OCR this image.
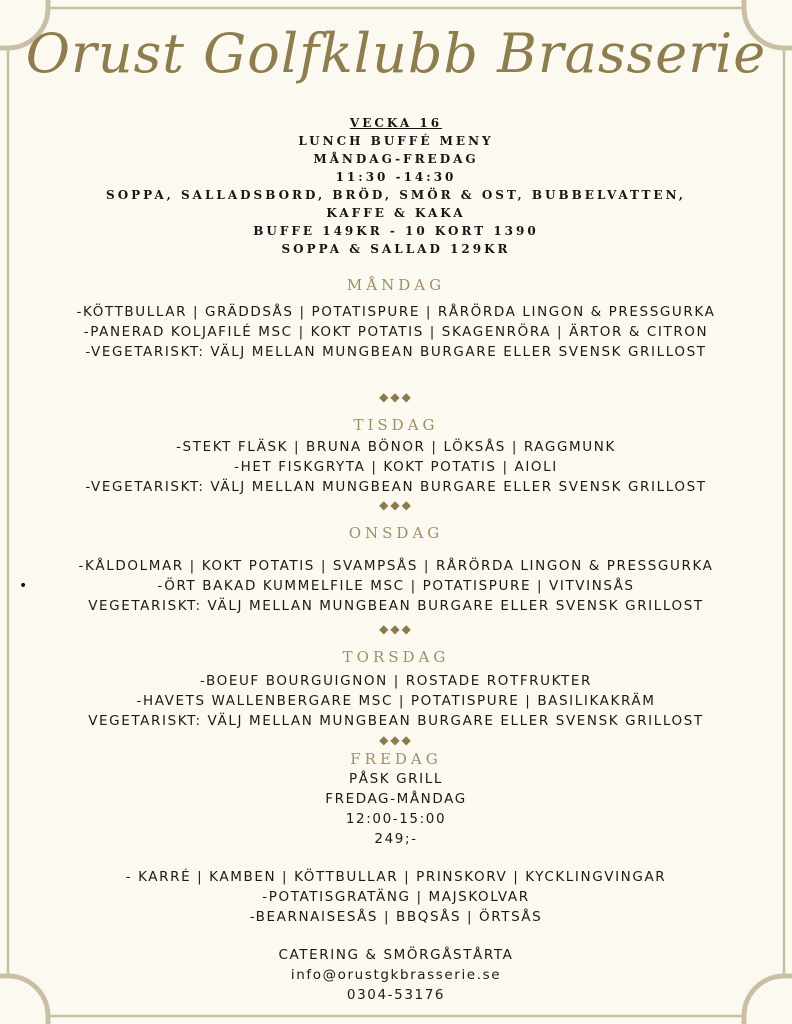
Orust Golfklubb Brasserie
VECKA 16
LUNCH BUFFÉ MENY
MÅNDAG-FREDAG
11:30 -14:30
SOPPA, SALLADSBORD, BRÖD, SMÖR & OST, BUBBELVATTEN,
KAFFE & KAKA
BUFFE 149KR - 10 KORT 1390
SOPPA & SALLAD 129KR
MÅNDAG
-KÖTTBULLAR | GRÄDDSÅS | POTATISPURE | RÅRÖRDA LINGON & PRESSGURKA
-PANERAD KOLJAFILÉ MSC | KOKT POTATIS | SKAGENRÖRA | ÄRTOR & CITRON
-VEGETARISKT: VÄLJ MELLAN MUNGBEAN BURGARE ELLER SVENSK GRILLOST
◆◆◆
TISDAG
-STEKT FLÄSK | BRUNA BÖNOR | LÖKSÅS | RAGGMUNK
-HET FISKGRYTA | KOKT POTATIS | AIOLI
-VEGETARISKT: VÄLJ MELLAN MUNGBEAN BURGARE ELLER SVENSK GRILLOST
◆◆◆
ONSDAG
•
-KÅLDOLMAR | KOKT POTATIS | SVAMPSÅS | RÅRÖRDA LINGON & PRESSGURKA
-ÖRT BAKAD KUMMELFILE MSC | POTATISPURE | VITVINSÅS
VEGETARISKT: VÄLJ MELLAN MUNGBEAN BURGARE ELLER SVENSK GRILLOST
◆◆◆
TORSDAG
-BOEUF BOURGUIGNON | ROSTADE ROTFRUKTER
-HAVETS WALLENBERGARE MSC | POTATISPURE | BASILIKAKRÄM
VEGETARISKT: VÄLJ MELLAN MUNGBEAN BURGARE ELLER SVENSK GRILLOST
◆◆◆
FREDAG
PÅSK GRILL
FREDAG-MÅNDAG
12:00-15:00
249;-
- KARRÉ | KAMBEN | KÖTTBULLAR | PRINSKORV | KYCKLINGVINGAR
-POTATISGRATÄNG | MAJSKOLVAR
-BEARNAISESÅS | BBQSÅS | ÖRTSÅS
CATERING & SMÖRGÅSTÅRTA
info@orustgkbrasserie.se
0304-53176
